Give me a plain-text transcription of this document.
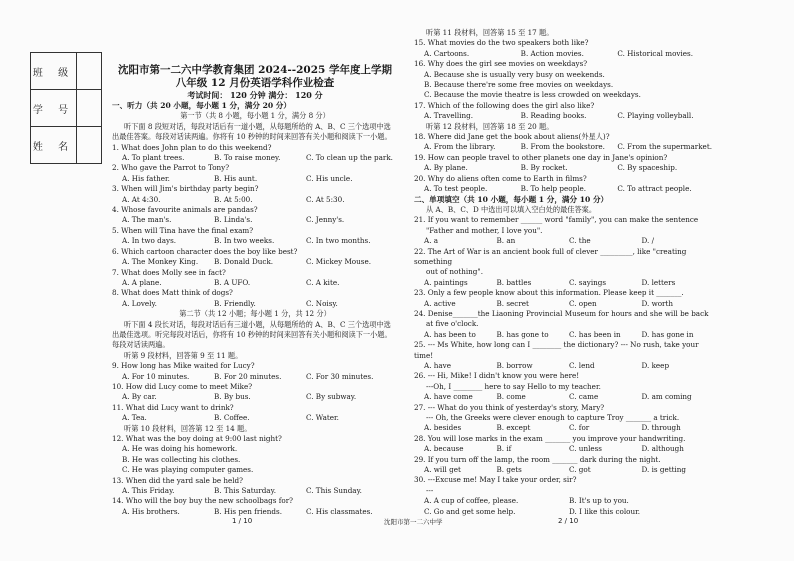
班 级	
学 号	
姓 名	
沈阳市第一二六中学教育集团 2024--2025 学年度上学期
八年级 12 月份英语学科作业检查
考试时间： 120 分钟 满分： 120 分
一、听力（共 20 小题，每小题 1 分，满分 20 分）
第一节（共 8 小题，每小题 1 分，满分 8 分）
听下面 8 段短对话，每段对话后有一道小题，从每题所给的 A、B、C 三个选项中选出最佳答案。每段对话读两遍。你将有 10 秒钟的时间来回答有关小题和阅读下一小题。
1. What does John plan to do this weekend?
A. To plant trees.	B. To raise money.	C. To clean up the park.
2. Who gave the Parrot to Tony?
A. His father.	B. His aunt.	C. His uncle.
3. When will Jim's birthday party begin?
A. At 4:30.	B. At 5:00.	C. At 5:30.
4. Whose favourite animals are pandas?
A. The man's.	B. Linda's.	C. Jenny's.
5. When will Tina have the final exam?
A. In two days.	B. In two weeks.	C. In two months.
6. Which cartoon character does the boy like best?
A. The Monkey King.	B. Donald Duck.	C. Mickey Mouse.
7. What does Molly see in fact?
A. A plane.	B. A UFO.	C. A kite.
8. What does Matt think of dogs?
A. Lovely.	B. Friendly.	C. Noisy.
第二节（共 12 小题；每小题 1 分，共 12 分）
听下面 4 段长对话，每段对话后有三道小题，从每题所给的 A、B、C 三个选项中选出最佳选项。听完每段对话后，你将有 10 秒钟的时间来回答有关小题和阅读下一小题。每段对话读两遍。
听第 9 段材料，回答第 9 至 11 题。
9. How long has Mike waited for Lucy?
A. For 10 minutes.	B. For 20 minutes.	C. For 30 minutes.
10. How did Lucy come to meet Mike?
A. By car.	B. By bus.	C. By subway.
11. What did Lucy want to drink?
A. Tea.	B. Coffee.	C. Water.
听第 10 段材料，回答第 12 至 14 题。
12. What was the boy doing at 9:00 last night?
A. He was doing his homework.
B. He was collecting his clothes.
C. He was playing computer games.
13. When did the yard sale be held?
A. This Friday.	B. This Saturday.	C. This Sunday.
14. Who will the boy buy the new schoolbags for?
A. His brothers.	B. His pen friends.	C. His classmates.
听第 11 段材料，回答第 15 至 17 题。
15. What movies do the two speakers both like?
A. Cartoons.	B. Action movies.	C. Historical movies.
16. Why does the girl see movies on weekdays?
A. Because she is usually very busy on weekends.
B. Because there're some free movies on weekdays.
C. Because the movie theatre is less crowded on weekdays.
17. Which of the following does the girl also like?
A. Travelling.	B. Reading books.	C. Playing volleyball.
听第 12 段材料，回答第 18 至 20 题。
18. Where did Jane get the book about aliens(外星人)?
A. From the library.	B. From the bookstore.	C. From the supermarket.
19. How can people travel to other planets one day in Jane's opinion?
A. By plane.	B. By rocket.	C. By spaceship.
20. Why do aliens often come to Earth in films?
A. To test people.	B. To help people.	C. To attract people.
二、单项填空（共 10 小题，每小题 1 分，满分 10 分）
从 A、B、C、D 中选出可以填入空白处的最佳答案。
21. If you want to remember ______ word "family", you can make the sentence
"Father and mother, I love you".
A. a	B. an	C. the	D. /
22. The Art of War is an ancient book full of clever _________, like "creating something
out of nothing".
A. paintings	B. battles	C. sayings	D. letters
23. Only a few people know about this information. Please keep it _______.
A. active	B. secret	C. open	D. worth
24. Denise_______the Liaoning Provincial Museum for hours and she will be back
at five o'clock.
A. has been to	B. has gone to	C. has been in	D. has gone in
25. --- Ms White, how long can I ________ the dictionary? --- No rush, take your time!
A. have	B. borrow	C. lend	D. keep
26. --- Hi, Mike! I didn't know you were here!
---Oh, I ________ here to say Hello to my teacher.
A. have come	B. come	C. came	D. am coming
27. --- What do you think of yesterday's story, Mary?
--- Oh, the Greeks were clever enough to capture Troy _______ a trick.
A. besides	B. except	C. for	D. through
28. You will lose marks in the exam _______ you improve your handwriting.
A. because	B. if	C. unless	D. although
29. If you turn off the lamp, the room _______ dark during the night.
A. will get	B. gets	C. got	D. is getting
30. ---Excuse me! May I take your order, sir?
---
A. A cup of coffee, please.	B. It's up to you.
C. Go and get some help.	D. I like this colour.
1 / 10	沈阳市第一二六中学	2 / 10
